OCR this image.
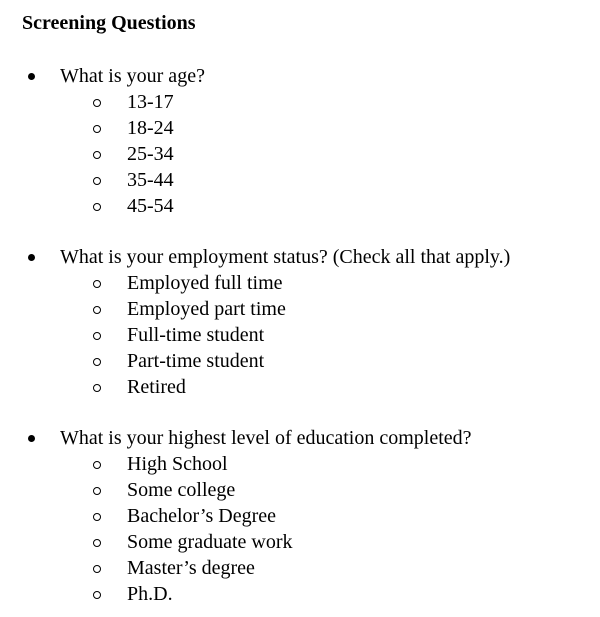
Screening Questions
What is your age?
13-17
18-24
25-34
35-44
45-54
What is your employment status? (Check all that apply.)
Employed full time
Employed part time
Full-time student
Part-time student
Retired
What is your highest level of education completed?
High School
Some college
Bachelor’s Degree
Some graduate work
Master’s degree
Ph.D.
